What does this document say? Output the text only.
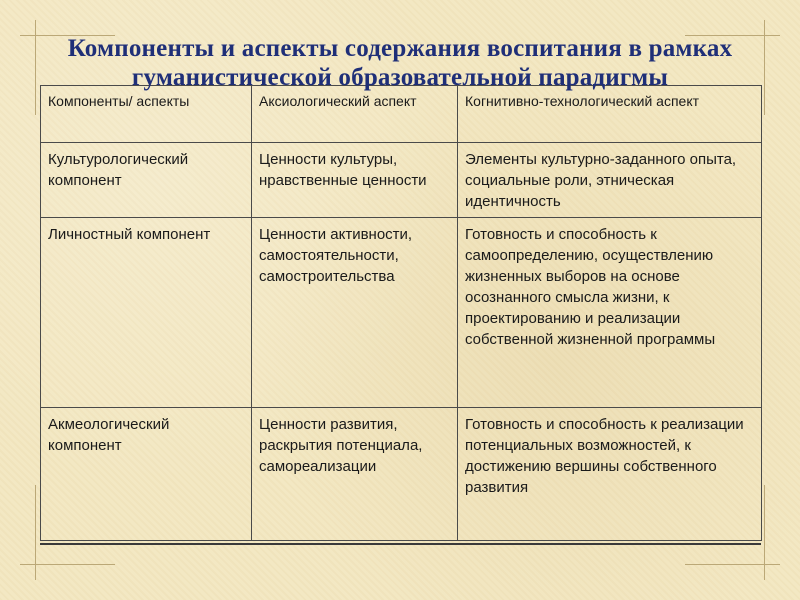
Компоненты и аспекты содержания воспитания в рамках гуманистической образовательной парадигмы
Компоненты/ аспекты	Аксиологический аспект	Когнитивно-технологический аспект
Культурологический компонент	Ценности культуры, нравственные ценности	Элементы культурно-заданного опыта, социальные роли, этническая идентичность
Личностный компонент	Ценности активности, самостоятельности, самостроительства	Готовность и способность к самоопределению, осуществлению жизненных выборов на основе осознанного смысла жизни, к проектированию и реализации собственной жизненной программы
Акмеологический компонент	Ценности развития, раскрытия потенциала, самореализации	Готовность и способность к реализации потенциальных возможностей, к достижению вершины собственного развития
